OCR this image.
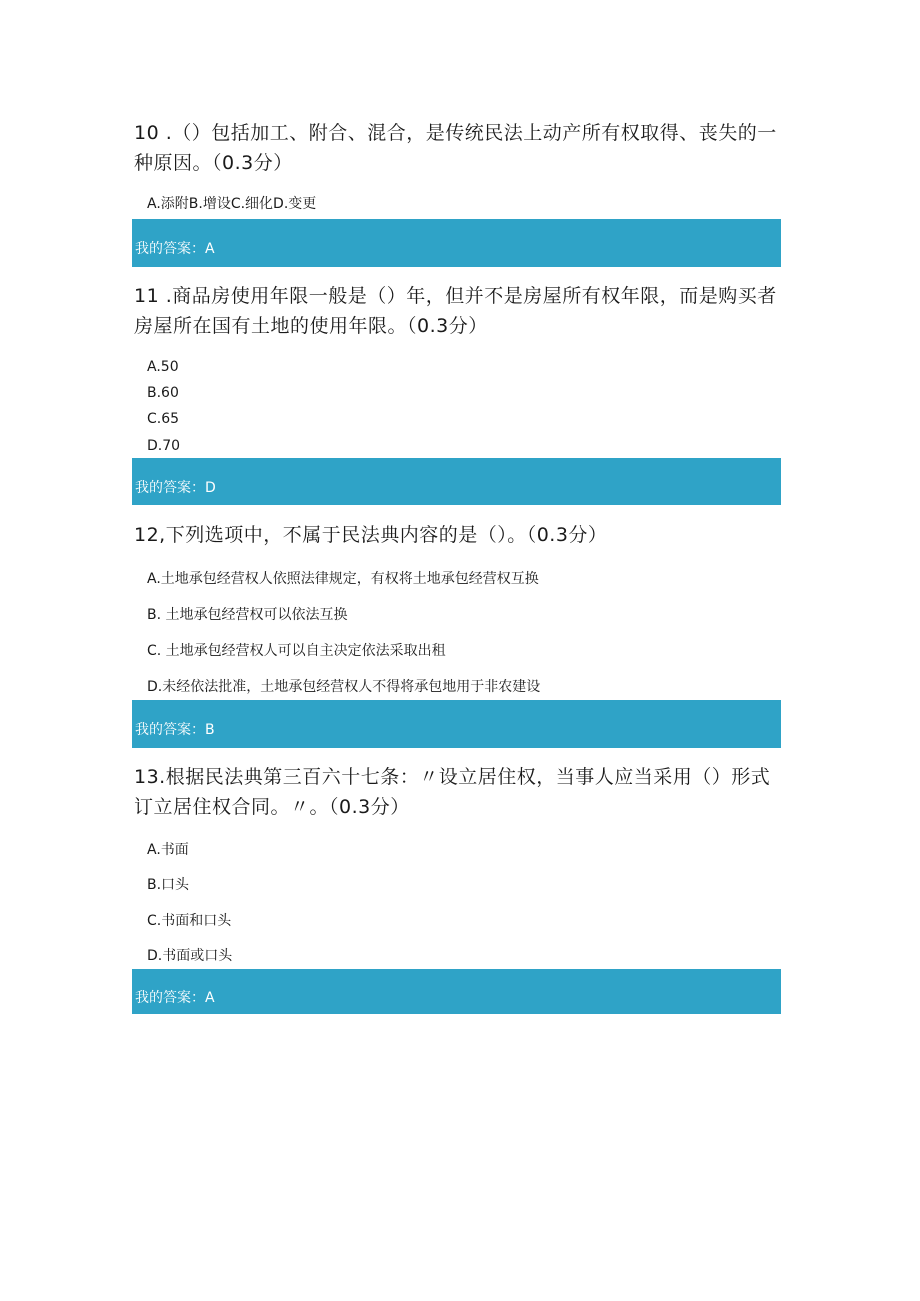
10 .（）包括加工、附合、混合，是传统民法上动产所有权取得、丧失的一种原因。（0.3分）
A.添附B.增设C.细化D.变更
我的答案：A
11 .商品房使用年限一般是（）年，但并不是房屋所有权年限，而是购买者房屋所在国有土地的使用年限。（0.3分）
A.50
B.60
C.65
D.70
我的答案：D
12,下列选项中，不属于民法典内容的是（）。（0.3分）
A.土地承包经营权人依照法律规定，有权将土地承包经营权互换
B. 土地承包经营权可以依法互换
C. 土地承包经营权人可以自主决定依法采取出租
D.未经依法批准，土地承包经营权人不得将承包地用于非农建设
我的答案：B
13.根据民法典第三百六十七条：〃设立居住权，当事人应当采用（）形式订立居住权合同。〃。（0.3分）
A.书面
B.口头
C.书面和口头
D.书面或口头
我的答案：A
